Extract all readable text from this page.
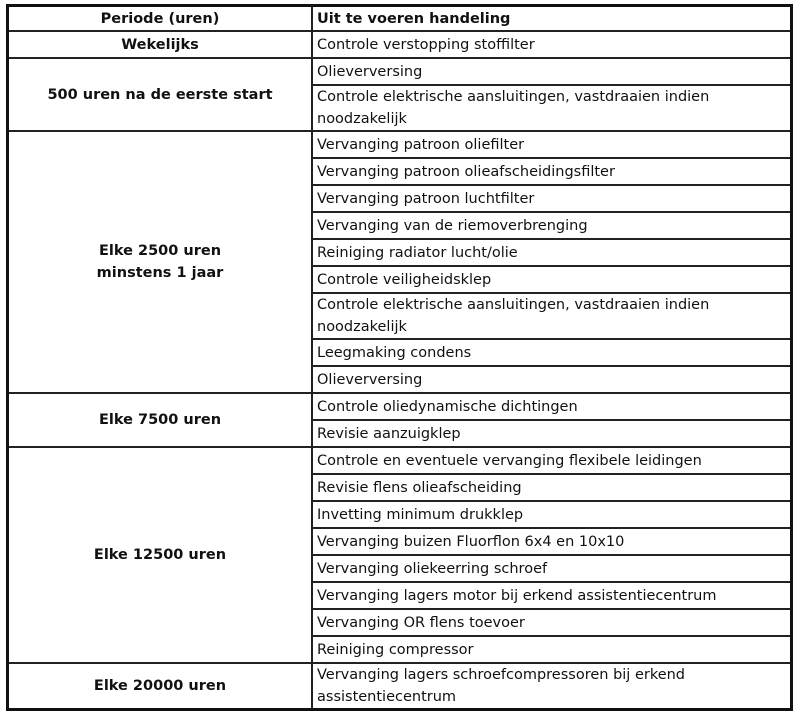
Periode (uren)	Uit te voeren handeling

Wekelijks	Controle verstopping stoffilter

500 uren na de eerste start	Olieverversing
	Controle elektrische aansluitingen, vastdraaien indien noodzakelijk

Elke 2500 uren
minstens 1 jaar	Vervanging patroon oliefilter
	Vervanging patroon olieafscheidingsfilter
	Vervanging patroon luchtfilter
	Vervanging van de riemoverbrenging
	Reiniging radiator lucht/olie
	Controle veiligheidsklep
	Controle elektrische aansluitingen, vastdraaien indien noodzakelijk
	Leegmaking condens
	Olieverversing

Elke 7500 uren	Controle oliedynamische dichtingen
	Revisie aanzuigklep

Elke 12500 uren	Controle en eventuele vervanging flexibele leidingen
	Revisie flens olieafscheiding
	Invetting minimum drukklep
	Vervanging buizen Fluorflon 6x4 en 10x10
	Vervanging oliekeerring schroef
	Vervanging lagers motor bij erkend assistentiecentrum
	Vervanging OR flens toevoer
	Reiniging compressor

Elke 20000 uren	Vervanging lagers schroefcompressoren bij erkend assistentiecentrum
